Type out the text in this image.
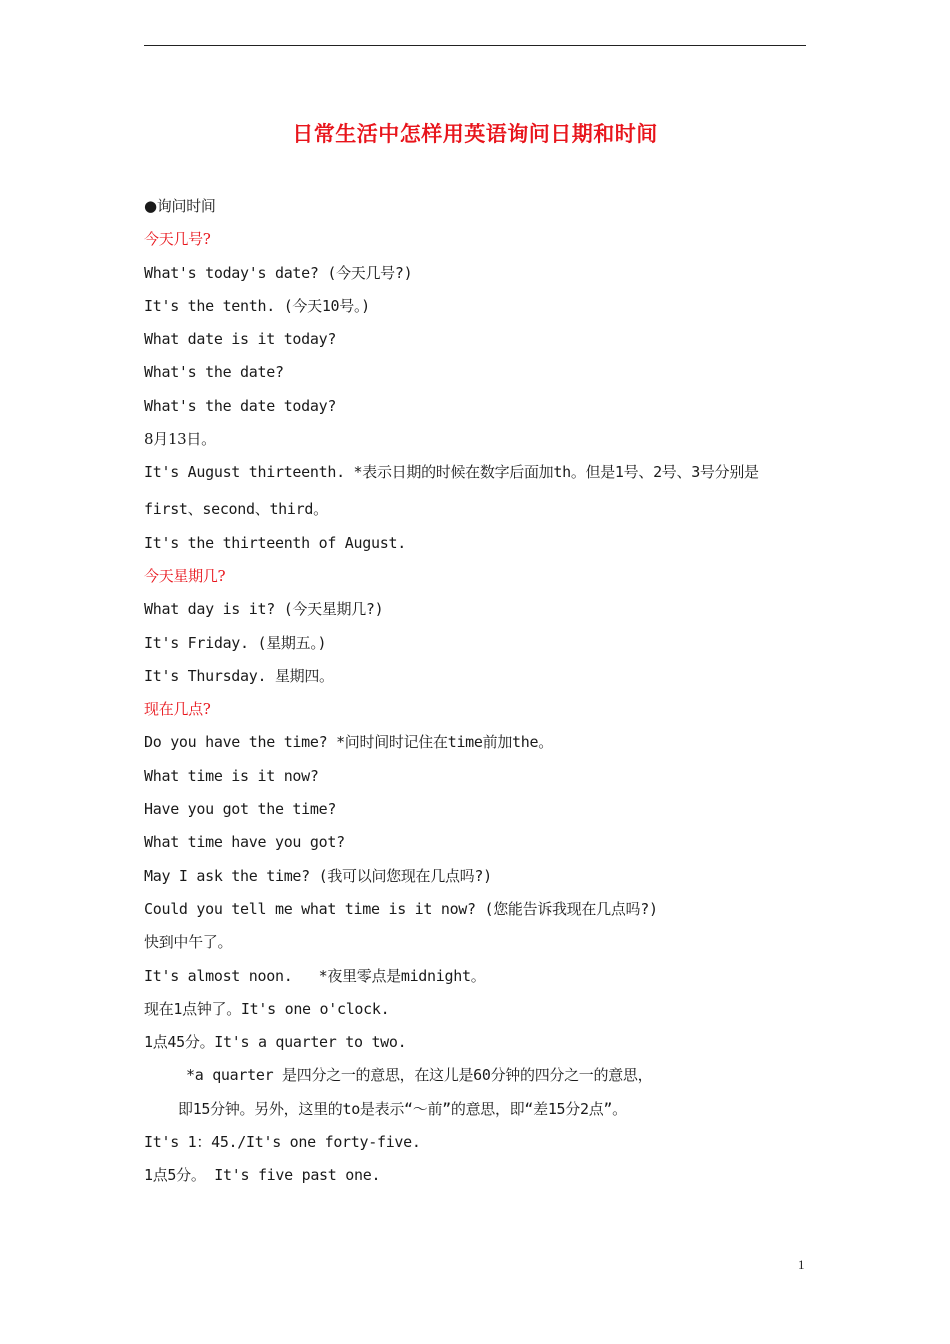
日常生活中怎样用英语询问日期和时间
●询问时间
今天几号?
What's today's date? (今天几号?)
It's the tenth. (今天10号。)
What date is it today?
What's the date?
What's the date today?
8月13日。
It's August thirteenth. *表示日期的时候在数字后面加th。但是1号、2号、3号分别是
first、second、third。
It's the thirteenth of August.
今天星期几?
What day is it? (今天星期几?)
It's Friday. (星期五。)
It's Thursday. 星期四。
现在几点?
Do you have the time? *问时间时记住在time前加the。
What time is it now?
Have you got the time?
What time have you got?
May I ask the time? (我可以问您现在几点吗?)
Could you tell me what time is it now? (您能告诉我现在几点吗?)
快到中午了。
It's almost noon.   *夜里零点是midnight。
现在1点钟了。It's one o'clock.
1点45分。It's a quarter to two.
*a quarter 是四分之一的意思，在这儿是60分钟的四分之一的意思，
即15分钟。另外，这里的to是表示“～前”的意思，即“差15分2点”。
It's 1：45./It's one forty-five.
1点5分。 It's five past one.
1
